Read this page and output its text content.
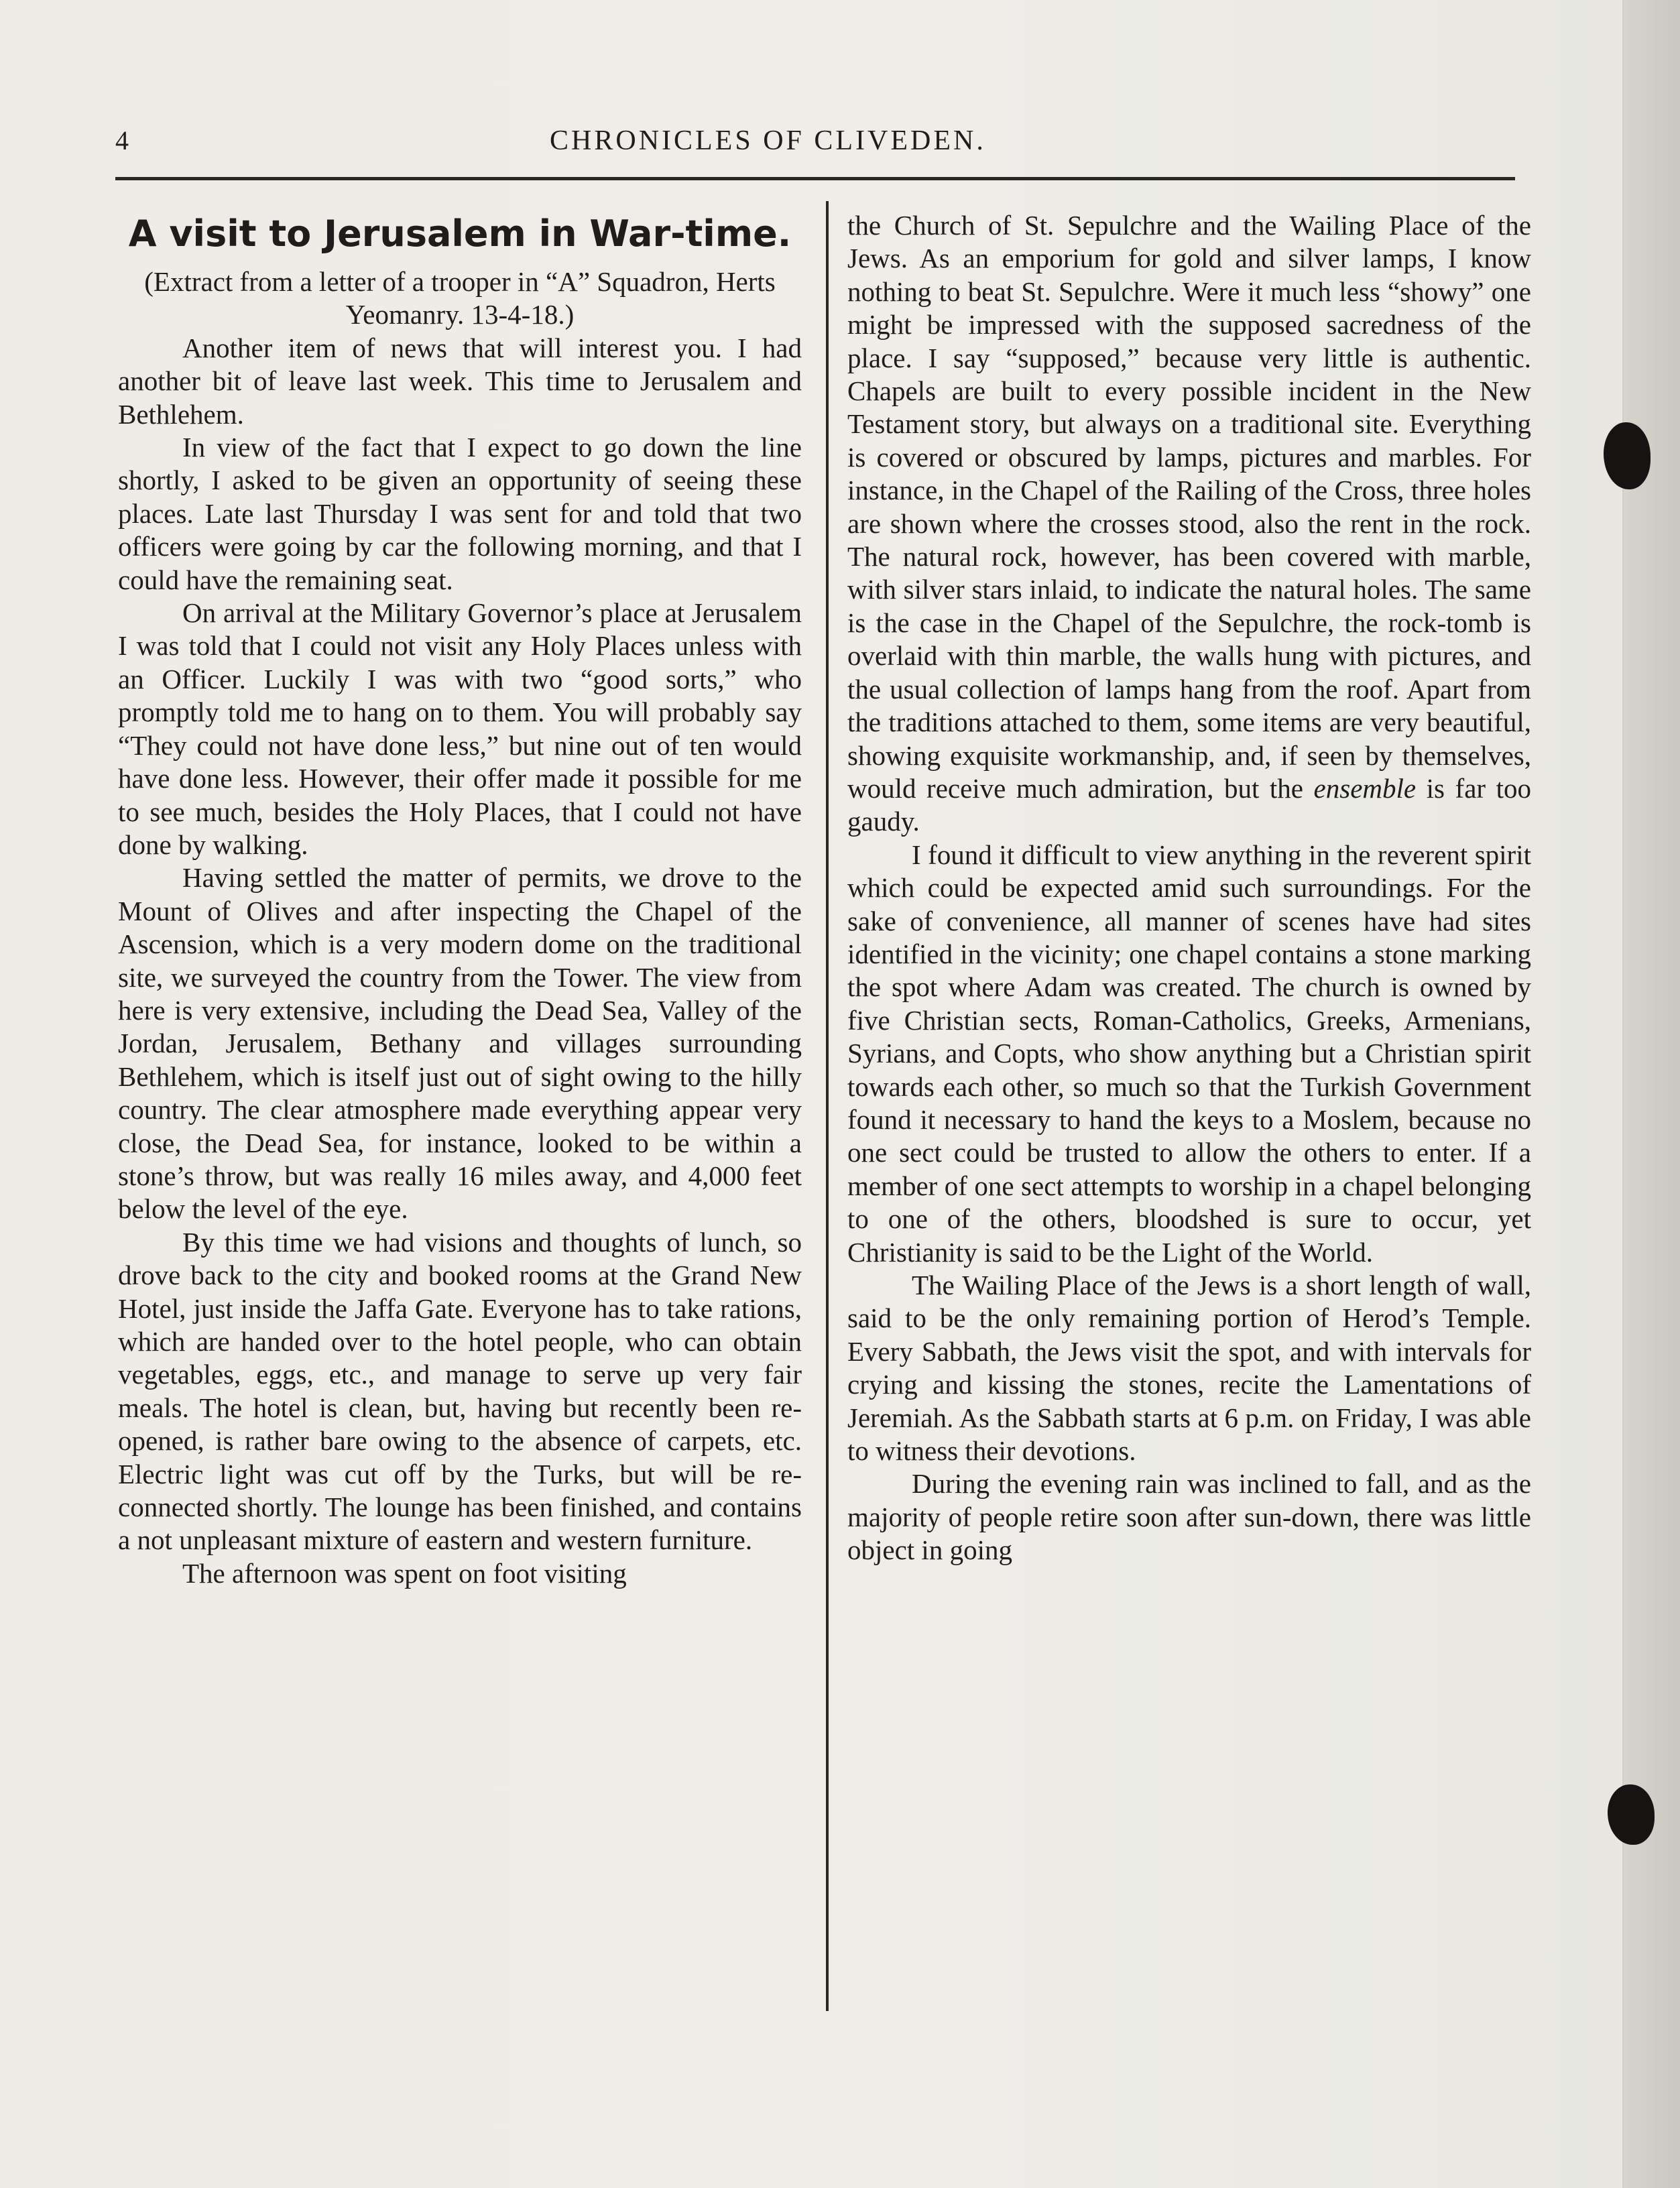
4	CHRONICLES OF CLIVEDEN.

A visit to Jerusalem in War-time.

(Extract from a letter of a trooper in “A” Squadron, Herts Yeomanry. 13-4-18.)

Another item of news that will interest you. I had another bit of leave last week. This time to Jerusalem and Bethlehem.

In view of the fact that I expect to go down the line shortly, I asked to be given an opportunity of seeing these places. Late last Thursday I was sent for and told that two officers were going by car the following morning, and that I could have the remaining seat.

On arrival at the Military Governor’s place at Jerusalem I was told that I could not visit any Holy Places unless with an Officer. Luckily I was with two “good sorts,” who promptly told me to hang on to them. You will probably say “They could not have done less,” but nine out of ten would have done less. However, their offer made it possible for me to see much, besides the Holy Places, that I could not have done by walking.

Having settled the matter of permits, we drove to the Mount of Olives and after inspecting the Chapel of the Ascension, which is a very modern dome on the traditional site, we surveyed the country from the Tower. The view from here is very extensive, including the Dead Sea, Valley of the Jordan, Jerusalem, Bethany and villages surrounding Bethlehem, which is itself just out of sight owing to the hilly country. The clear atmosphere made everything appear very close, the Dead Sea, for instance, looked to be within a stone’s throw, but was really 16 miles away, and 4,000 feet below the level of the eye.

By this time we had visions and thoughts of lunch, so drove back to the city and booked rooms at the Grand New Hotel, just inside the Jaffa Gate. Everyone has to take rations, which are handed over to the hotel people, who can obtain vegetables, eggs, etc., and manage to serve up very fair meals. The hotel is clean, but, having but recently been re-opened, is rather bare owing to the absence of carpets, etc. Electric light was cut off by the Turks, but will be re-connected shortly. The lounge has been finished, and contains a not unpleasant mixture of eastern and western furniture.

The afternoon was spent on foot visiting

the Church of St. Sepulchre and the Wailing Place of the Jews. As an emporium for gold and silver lamps, I know nothing to beat St. Sepulchre. Were it much less “showy” one might be impressed with the supposed sacredness of the place. I say “supposed,” because very little is authentic. Chapels are built to every possible incident in the New Testament story, but always on a traditional site. Everything is covered or obscured by lamps, pictures and marbles. For instance, in the Chapel of the Railing of the Cross, three holes are shown where the crosses stood, also the rent in the rock. The natural rock, however, has been covered with marble, with silver stars inlaid, to indicate the natural holes. The same is the case in the Chapel of the Sepulchre, the rock-tomb is overlaid with thin marble, the walls hung with pictures, and the usual collection of lamps hang from the roof. Apart from the traditions attached to them, some items are very beautiful, showing exquisite workmanship, and, if seen by themselves, would receive much admiration, but the ensemble is far too gaudy.

I found it difficult to view anything in the reverent spirit which could be expected amid such surroundings. For the sake of convenience, all manner of scenes have had sites identified in the vicinity; one chapel contains a stone marking the spot where Adam was created. The church is owned by five Christian sects, Roman-Catholics, Greeks, Armenians, Syrians, and Copts, who show anything but a Christian spirit towards each other, so much so that the Turkish Government found it necessary to hand the keys to a Moslem, because no one sect could be trusted to allow the others to enter. If a member of one sect attempts to worship in a chapel belonging to one of the others, bloodshed is sure to occur, yet Christianity is said to be the Light of the World.

The Wailing Place of the Jews is a short length of wall, said to be the only remaining portion of Herod’s Temple. Every Sabbath, the Jews visit the spot, and with intervals for crying and kissing the stones, recite the Lamentations of Jeremiah. As the Sabbath starts at 6 p.m. on Friday, I was able to witness their devotions.

During the evening rain was inclined to fall, and as the majority of people retire soon after sun-down, there was little object in going
